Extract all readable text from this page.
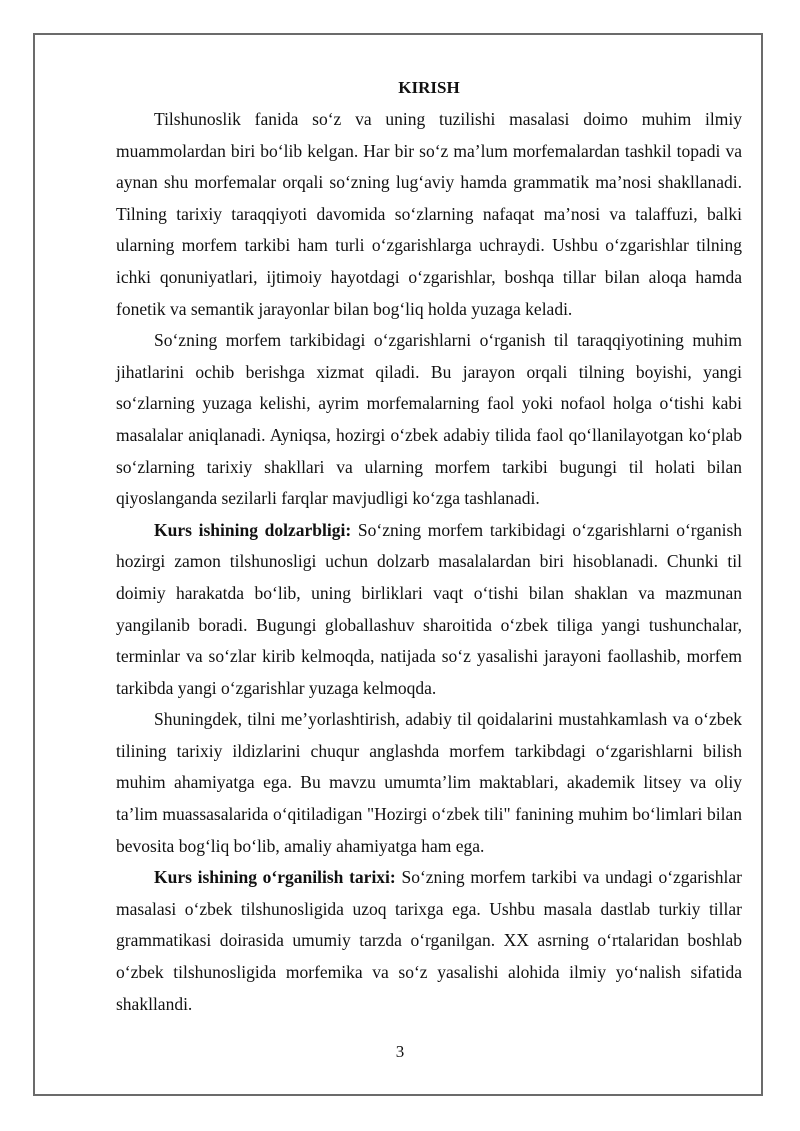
KIRISH

Tilshunoslik fanida so‘z va uning tuzilishi masalasi doimo muhim ilmiy muammolardan biri bo‘lib kelgan. Har bir so‘z ma’lum morfemalardan tashkil topadi va aynan shu morfemalar orqali so‘zning lug‘aviy hamda grammatik ma’nosi shakllanadi. Tilning tarixiy taraqqiyoti davomida so‘zlarning nafaqat ma’nosi va talaffuzi, balki ularning morfem tarkibi ham turli o‘zgarishlarga uchraydi. Ushbu o‘zgarishlar tilning ichki qonuniyatlari, ijtimoiy hayotdagi o‘zgarishlar, boshqa tillar bilan aloqa hamda fonetik va semantik jarayonlar bilan bog‘liq holda yuzaga keladi.

So‘zning morfem tarkibidagi o‘zgarishlarni o‘rganish til taraqqiyotining muhim jihatlarini ochib berishga xizmat qiladi. Bu jarayon orqali tilning boyishi, yangi so‘zlarning yuzaga kelishi, ayrim morfemalarning faol yoki nofaol holga o‘tishi kabi masalalar aniqlanadi. Ayniqsa, hozirgi o‘zbek adabiy tilida faol qo‘llanilayotgan ko‘plab so‘zlarning tarixiy shakllari va ularning morfem tarkibi bugungi til holati bilan qiyoslanganda sezilarli farqlar mavjudligi ko‘zga tashlanadi.

Kurs ishining dolzarbligi: So‘zning morfem tarkibidagi o‘zgarishlarni o‘rganish hozirgi zamon tilshunosligi uchun dolzarb masalalardan biri hisoblanadi. Chunki til doimiy harakatda bo‘lib, uning birliklari vaqt o‘tishi bilan shaklan va mazmunan yangilanib boradi. Bugungi globallashuv sharoitida o‘zbek tiliga yangi tushunchalar, terminlar va so‘zlar kirib kelmoqda, natijada so‘z yasalishi jarayoni faollashib, morfem tarkibda yangi o‘zgarishlar yuzaga kelmoqda.

Shuningdek, tilni me’yorlashtirish, adabiy til qoidalarini mustahkamlash va o‘zbek tilining tarixiy ildizlarini chuqur anglashda morfem tarkibdagi o‘zgarishlarni bilish muhim ahamiyatga ega. Bu mavzu umumta’lim maktablari, akademik litsey va oliy ta’lim muassasalarida o‘qitiladigan "Hozirgi o‘zbek tili" fanining muhim bo‘limlari bilan bevosita bog‘liq bo‘lib, amaliy ahamiyatga ham ega.

Kurs ishining o‘rganilish tarixi: So‘zning morfem tarkibi va undagi o‘zgarishlar masalasi o‘zbek tilshunosligida uzoq tarixga ega. Ushbu masala dastlab turkiy tillar grammatikasi doirasida umumiy tarzda o‘rganilgan. XX asrning o‘rtalaridan boshlab o‘zbek tilshunosligida morfemika va so‘z yasalishi alohida ilmiy yo‘nalish sifatida shakllandi.

3
